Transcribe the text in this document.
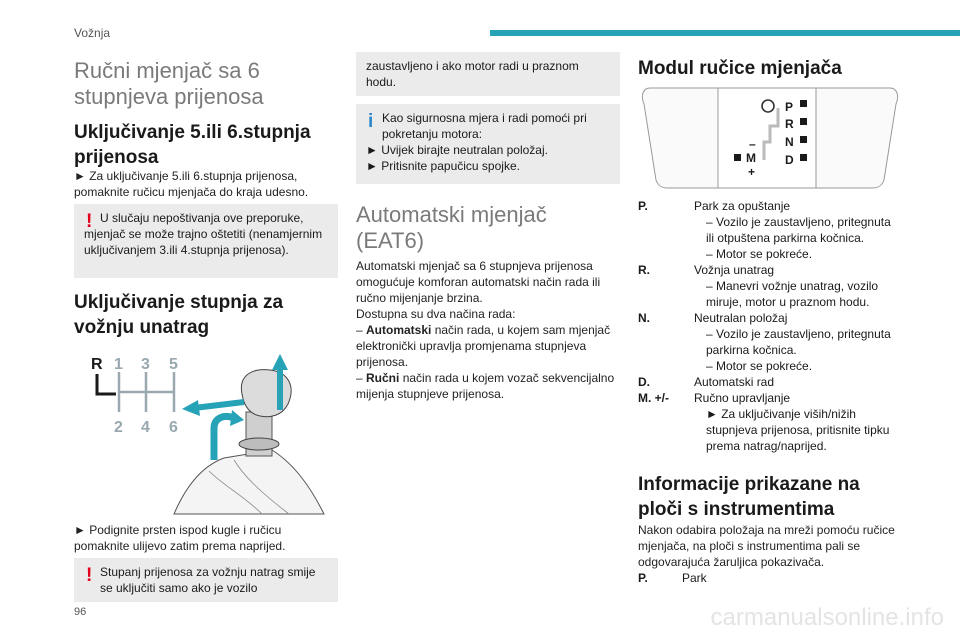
Vožnja
Ručni mjenjač sa 6 stupnjeva prijenosa
Uključivanje 5.ili 6.stupnja prijenosa

► Za uključivanje 5.ili 6.stupnja prijenosa, pomaknite ručicu mjenjača do kraja udesno.

! U slučaju nepoštivanja ove preporuke, mjenjač se može trajno oštetiti (nenamjernim uključivanjem 3.ili 4.stupnja prijenosa).
Uključivanje stupnja za vožnju unatrag
R 1 3 5
2 4 6

► Podignite prsten ispod kugle i ručicu pomaknite ulijevo zatim prema naprijed.

! Stupanj prijenosa za vožnju natrag smije se uključiti samo ako je vozilo
zaustavljeno i ako motor radi u praznom hodu.
i Kao sigurnosna mjera i radi pomoći pri pokretanju motora:
► Uvijek birajte neutralan položaj.
► Pritisnite papučicu spojke.
Automatski mjenjač (EAT6)
Automatski mjenjač sa 6 stupnjeva prijenosa omogućuje komforan automatski način rada ili ručno mijenjanje brzina.
Dostupna su dva načina rada:
– Automatski način rada, u kojem sam mjenjač elektronički upravlja promjenama stupnjeva prijenosa.
– Ručni način rada u kojem vozač sekvencijalno mijenja stupnjeve prijenosa.
Modul ručice mjenjača
P
R
N
D
M
–
+
P.	Park za opuštanje
– Vozilo je zaustavljeno, pritegnuta ili otpuštena parkirna kočnica.
– Motor se pokreće.
R.	Vožnja unatrag
– Manevri vožnje unatrag, vozilo miruje, motor u praznom hodu.
N.	Neutralan položaj
– Vozilo je zaustavljeno, pritegnuta parkirna kočnica.
– Motor se pokreće.
D.	Automatski rad
M. +/-	Ručno upravljanje
► Za uključivanje viših/nižih stupnjeva prijenosa, pritisnite tipku prema natrag/naprijed.
Informacije prikazane na ploči s instrumentima

Nakon odabira položaja na mreži pomoću ručice mjenjača, na ploči s instrumentima pali se odgovarajuća žaruljica pokazivača.

P.	Park
96	carmanualsonline.info
